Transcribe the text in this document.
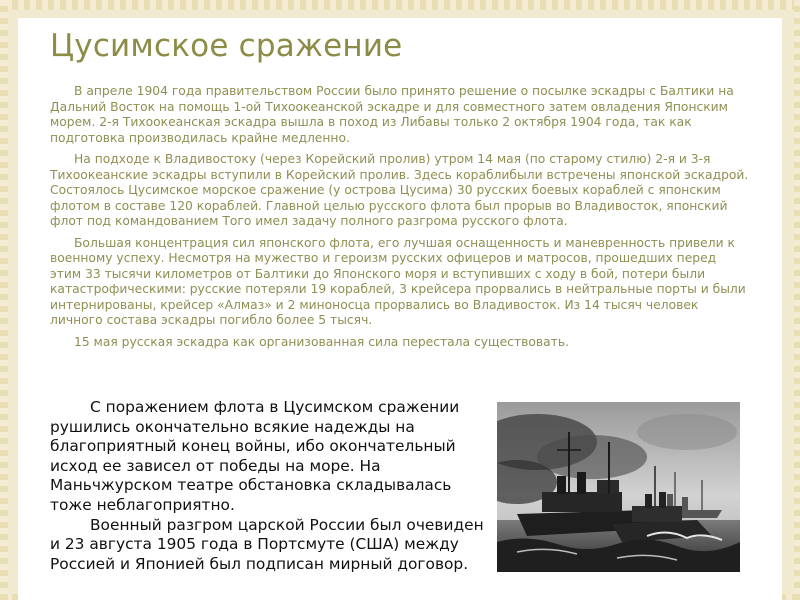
Цусимское сражение

В апреле 1904 года правительством России было принято решение о посылке эскадры с Балтики на Дальний Восток на помощь 1-ой Тихоокеанской эскадре и для совместного затем овладения Японским морем. 2-я Тихоокеанская эскадра вышла в поход из Либавы только 2 октября 1904 года, так как подготовка производилась крайне медленно.

На подходе к Владивостоку (через Корейский пролив) утром 14 мая (по старому стилю) 2-я и 3-я Тихоокеанские эскадры вступили в Корейский пролив. Здесь кораблибыли встречены японской эскадрой. Состоялось Цусимское морское сражение (у острова Цусима) 30 русских боевых кораблей с японским флотом в составе 120 кораблей. Главной целью русского флота был прорыв во Владивосток, японский флот под командованием Того имел задачу полного разгрома русского флота.

Большая концентрация сил японского флота, его лучшая оснащенность и маневренность привели к военному успеху. Несмотря на мужество и героизм русских офицеров и матросов, прошедших перед этим 33 тысячи километров от Балтики до Японского моря и вступивших с ходу в бой, потери были катастрофическими: русские потеряли 19 кораблей, 3 крейсера прорвались в нейтральные порты и были интернированы, крейсер «Алмаз» и 2 миноносца прорвались во Владивосток. Из 14 тысяч человек личного состава эскадры погибло более 5 тысяч.

15 мая русская эскадра как организованная сила перестала существовать.

С поражением флота в Цусимском сражении рушились окончательно всякие надежды на благоприятный конец войны, ибо окончательный исход ее зависел от победы на море. На Маньчжурском театре обстановка складывалась тоже неблагоприятно.

Военный разгром царской России был очевиден и 23 августа 1905 года в Портсмуте (США) между Россией и Японией был подписан мирный договор.
